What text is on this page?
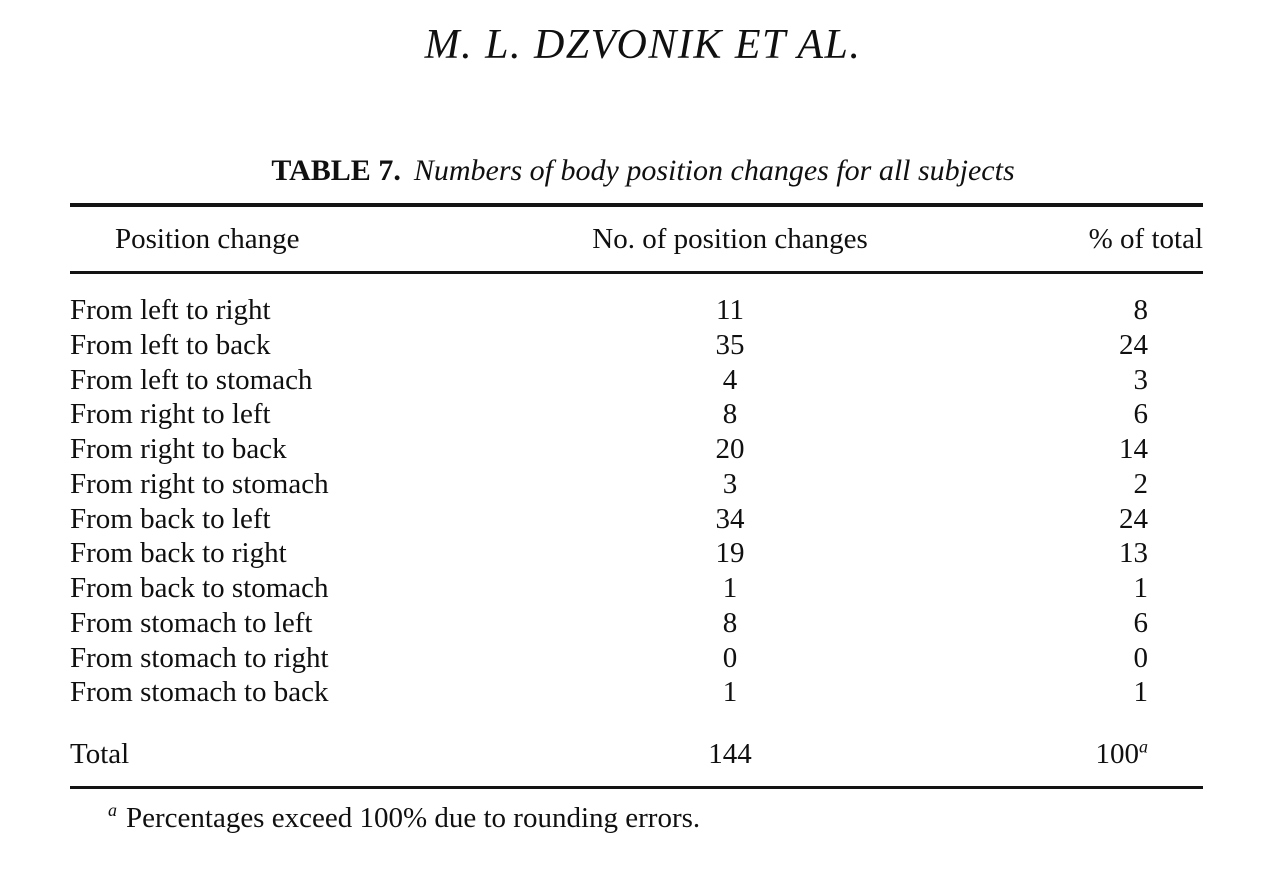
M. L. DZVONIK ET AL.
TABLE 7. Numbers of body position changes for all subjects
Position change	No. of position changes	% of total
From left to right	11	8
From left to back	35	24
From left to stomach	4	3
From right to left	8	6
From right to back	20	14
From right to stomach	3	2
From back to left	34	24
From back to right	19	13
From back to stomach	1	1
From stomach to left	8	6
From stomach to right	0	0
From stomach to back	1	1
Total	144	100$^a$
$^a$ Percentages exceed 100% due to rounding errors.
